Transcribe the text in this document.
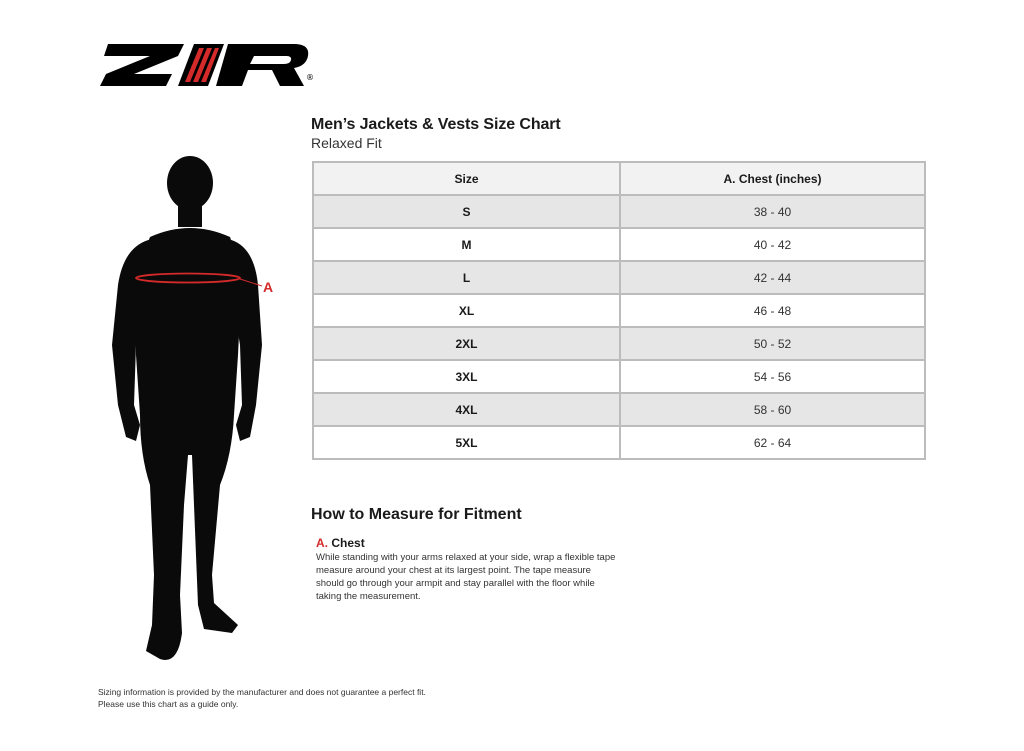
®
A
Men’s Jackets & Vests Size Chart
Relaxed Fit
Size	A. Chest (inches)
S	38 - 40
M	40 - 42
L	42 - 44
XL	46 - 48
2XL	50 - 52
3XL	54 - 56
4XL	58 - 60
5XL	62 - 64
How to Measure for Fitment
A. Chest
While standing with your arms relaxed at your side, wrap a flexible tape measure around your chest at its largest point. The tape measure should go through your armpit and stay parallel with the floor while taking the measurement.
Sizing information is provided by the manufacturer and does not guarantee a perfect fit.
Please use this chart as a guide only.
